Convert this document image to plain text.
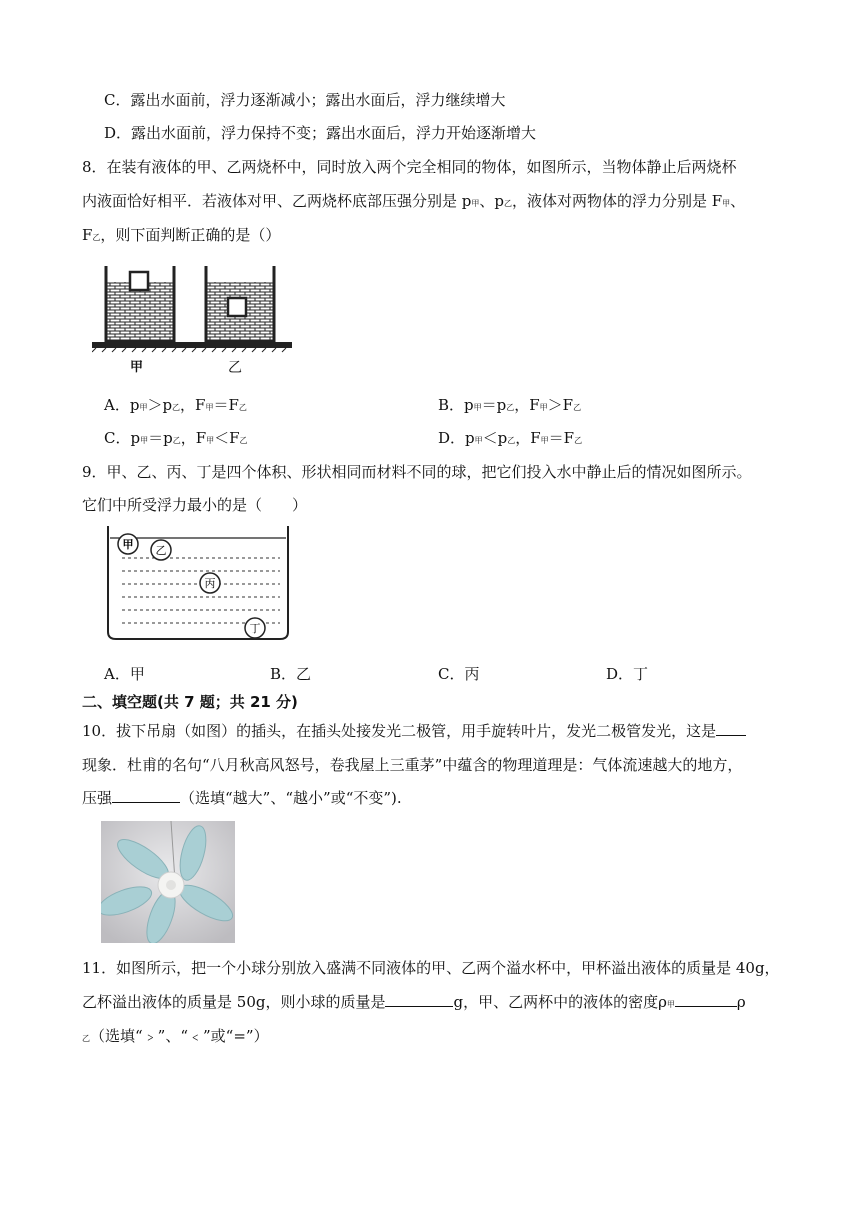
C．露出水面前，浮力逐渐减小；露出水面后，浮力继续增大
D．露出水面前，浮力保持不变；露出水面后，浮力开始逐渐增大
8．在装有液体的甲、乙两烧杯中，同时放入两个完全相同的物体，如图所示，当物体静止后两烧杯
内液面恰好相平．若液体对甲、乙两烧杯底部压强分别是 p甲、p乙，液体对两物体的浮力分别是 F甲、
F乙，则下面判断正确的是（）
甲	乙
A．p甲＞p乙，F甲＝F乙	B．p甲＝p乙，F甲＞F乙
C．p甲＝p乙，F甲＜F乙	D．p甲＜p乙，F甲＝F乙
9．甲、乙、丙、丁是四个体积、形状相同而材料不同的球，把它们投入水中静止后的情况如图所示。
它们中所受浮力最小的是（　　）
甲 乙
丙
丁
A．甲	B．乙	C．丙	D．丁
二、填空题(共 7 题；共 21 分)
10．拔下吊扇（如图）的插头，在插头处接发光二极管，用手旋转叶片，发光二极管发光，这是
现象．杜甫的名句“八月秋高风怒号，卷我屋上三重茅”中蕴含的物理道理是：气体流速越大的地方，
压强	（选填“越大”、“越小”或“不变”).
11．如图所示，把一个小球分别放入盛满不同液体的甲、乙两个溢水杯中，甲杯溢出液体的质量是 40g，
乙杯溢出液体的质量是 50g，则小球的质量是	g，甲、乙两杯中的液体的密度ρ甲	ρ
乙（选填“﹥”、“﹤”或“=”）
